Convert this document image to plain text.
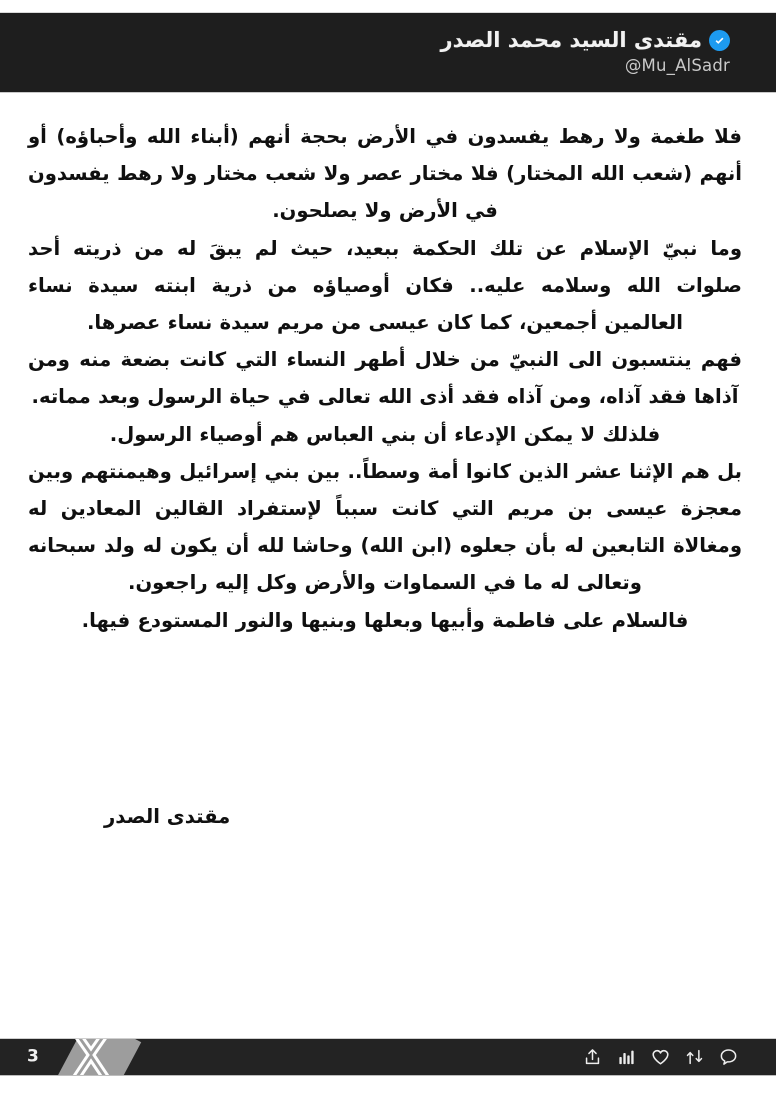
مقتدى السيد محمد الصدر
@Mu_AlSadr

فلا طغمة ولا رهط يفسدون في الأرض بحجة أنهم (أبناء الله وأحباؤه) أو أنهم (شعب الله المختار) فلا مختار عصر ولا شعب مختار ولا رهط يفسدون في الأرض ولا يصلحون.

وما نبيّ الإسلام عن تلك الحكمة ببعيد، حيث لم يبقَ له من ذريته أحد صلوات الله وسلامه عليه.. فكان أوصياؤه من ذرية ابنته سيدة نساء العالمين أجمعين، كما كان عيسى من مريم سيدة نساء عصرها.

فهم ينتسبون الى النبيّ من خلال أطهر النساء التي كانت بضعة منه ومن آذاها فقد آذاه، ومن آذاه فقد أذى الله تعالى في حياة الرسول وبعد مماته.

فلذلك لا يمكن الإدعاء أن بني العباس هم أوصياء الرسول.

بل هم الإثنا عشر الذين كانوا أمة وسطاً.. بين بني إسرائيل وهيمنتهم وبين معجزة عيسى بن مريم التي كانت سبباً لإستفراد القالين المعادين له ومغالاة التابعين له بأن جعلوه (ابن الله) وحاشا لله أن يكون له ولد سبحانه وتعالى له ما في السماوات والأرض وكل إليه راجعون.

فالسلام على فاطمة وأبيها وبعلها وبنيها والنور المستودع فيها.

مقتدى الصدر
3
